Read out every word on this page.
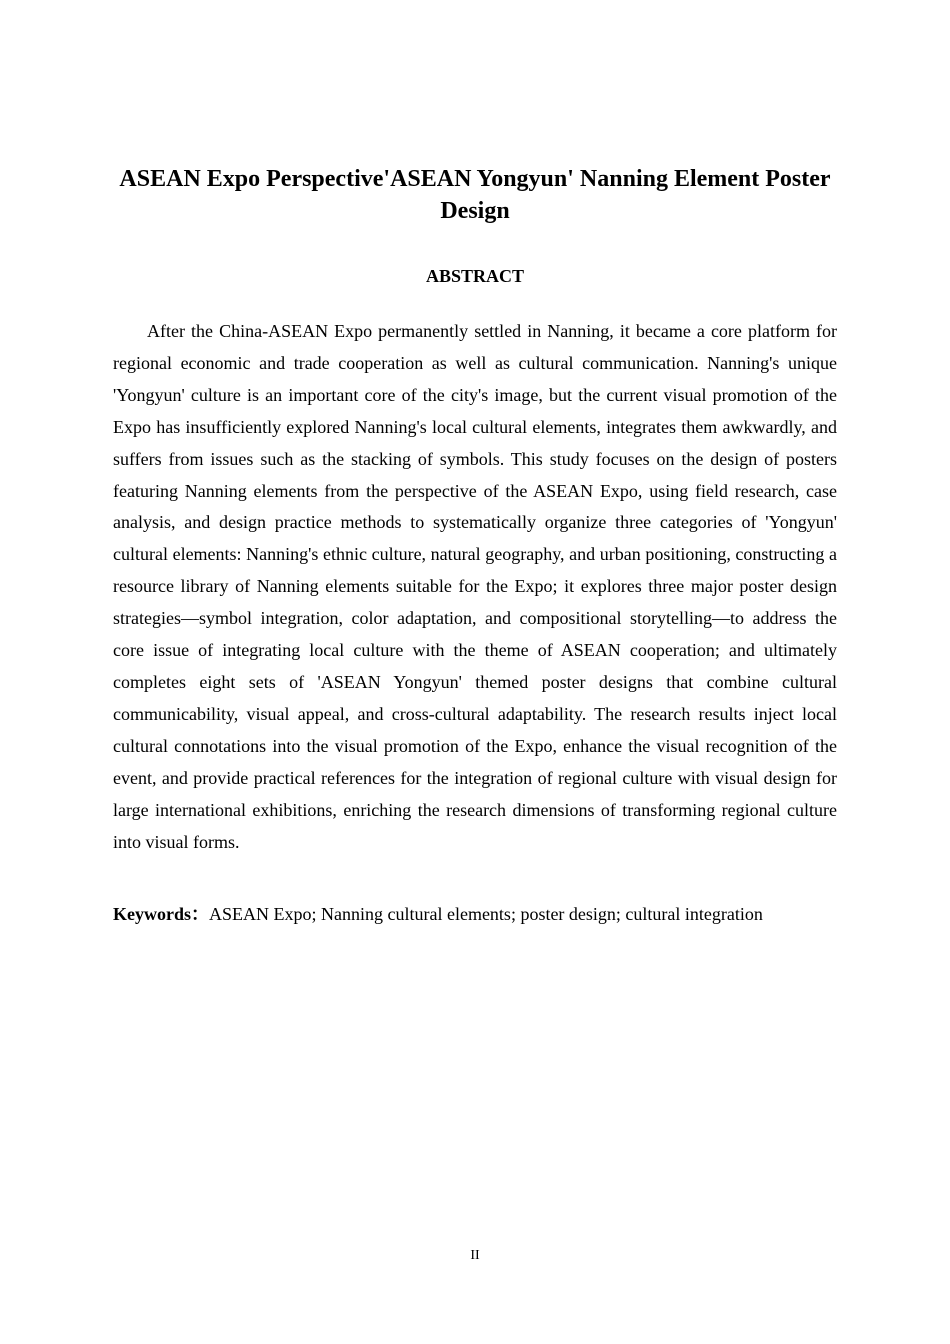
ASEAN Expo Perspective'ASEAN Yongyun' Nanning Element Poster Design
ABSTRACT

After the China-ASEAN Expo permanently settled in Nanning, it became a core platform for regional economic and trade cooperation as well as cultural communication. Nanning's unique 'Yongyun' culture is an important core of the city's image, but the current visual promotion of the Expo has insufficiently explored Nanning's local cultural elements, integrates them awkwardly, and suffers from issues such as the stacking of symbols. This study focuses on the design of posters featuring Nanning elements from the perspective of the ASEAN Expo, using field research, case analysis, and design practice methods to systematically organize three categories of 'Yongyun' cultural elements: Nanning's ethnic culture, natural geography, and urban positioning, constructing a resource library of Nanning elements suitable for the Expo; it explores three major poster design strategies—symbol integration, color adaptation, and compositional storytelling—to address the core issue of integrating local culture with the theme of ASEAN cooperation; and ultimately completes eight sets of 'ASEAN Yongyun' themed poster designs that combine cultural communicability, visual appeal, and cross-cultural adaptability. The research results inject local cultural connotations into the visual promotion of the Expo, enhance the visual recognition of the event, and provide practical references for the integration of regional culture with visual design for large international exhibitions, enriching the research dimensions of transforming regional culture into visual forms.

Keywords：ASEAN Expo; Nanning cultural elements; poster design; cultural integration

II
